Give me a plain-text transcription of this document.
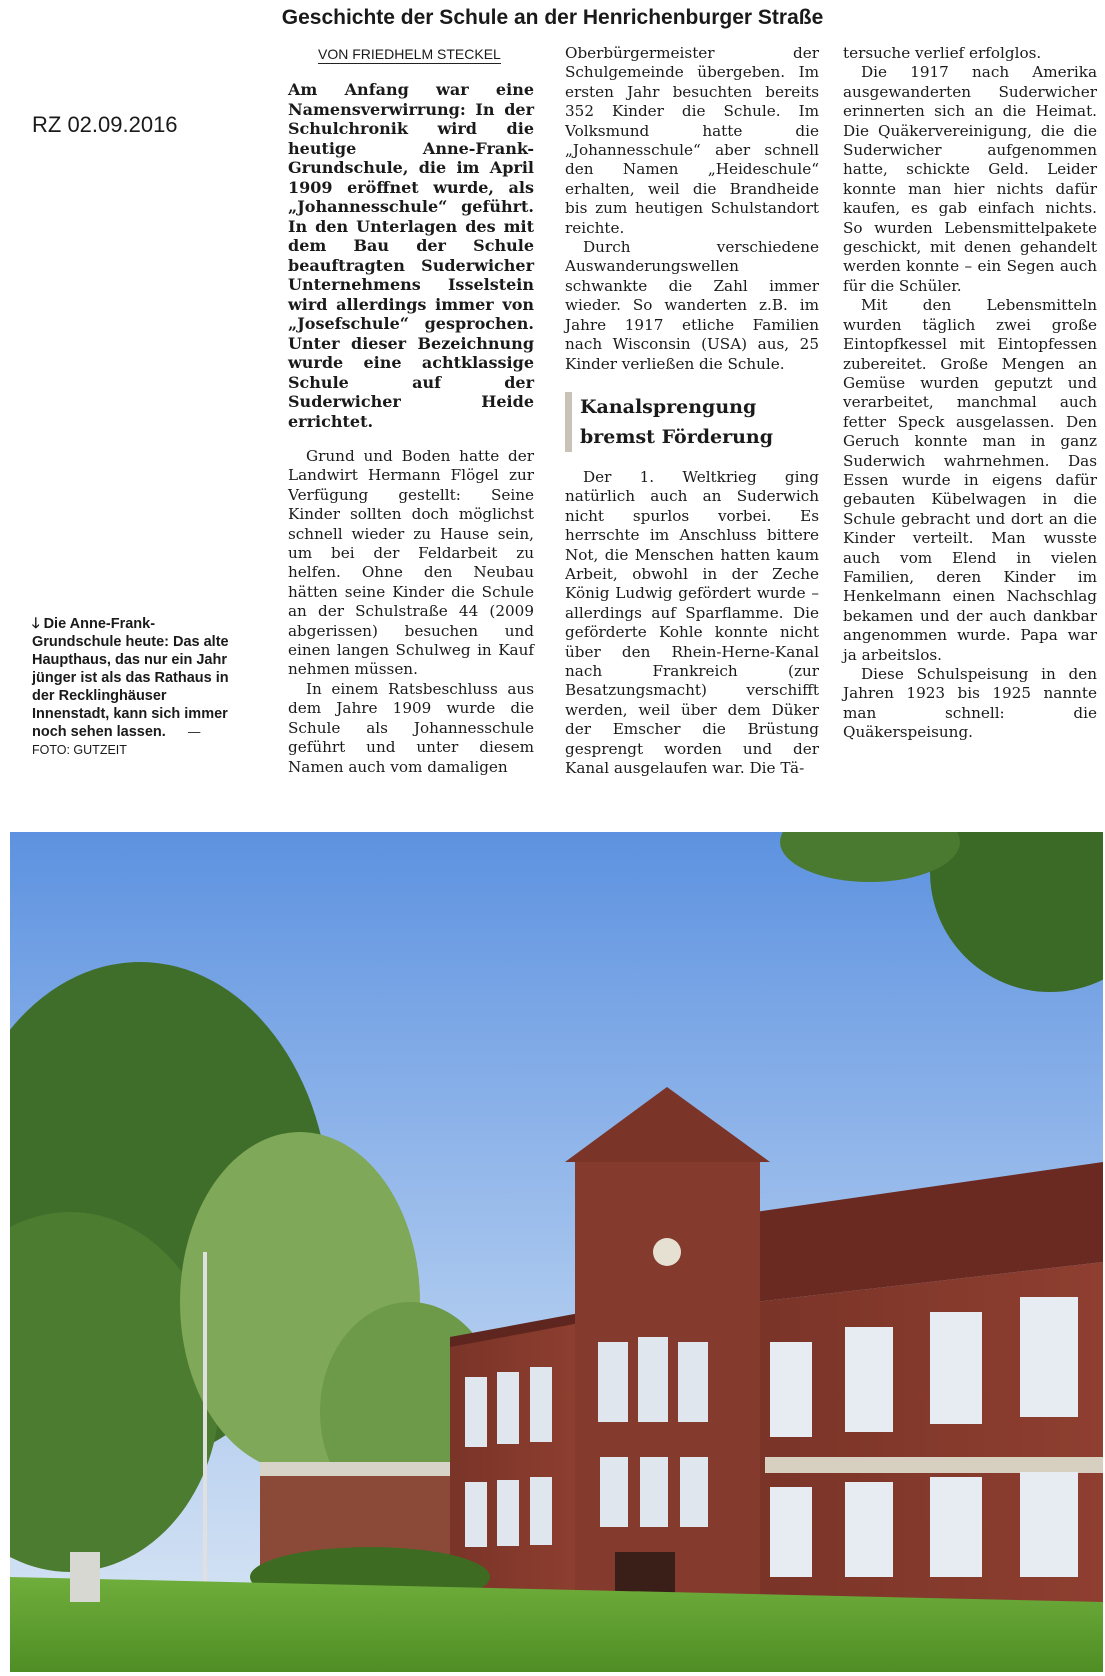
Geschichte der Schule an der Henrichenburger Straße
RZ 02.09.2016
VON FRIEDHELM STECKEL
🡓 Die Anne-Frank-Grundschule heute: Das alte Haupthaus, das nur ein Jahr jünger ist als das Rathaus in der Recklinghäuser Innenstadt, kann sich immer noch sehen lassen. —FOTO: GUTZEIT

Am Anfang war eine Namensverwirrung: In der Schulchronik wird die heutige Anne-Frank-Grundschule, die im April 1909 eröffnet wurde, als „Johannesschule“ geführt. In den Unterlagen des mit dem Bau der Schule beauftragten Suderwicher Unternehmens Isselstein wird allerdings immer von „Josefschule“ gesprochen. Unter dieser Bezeichnung wurde eine achtklassige Schule auf der Suderwicher Heide errichtet.

Grund und Boden hatte der Landwirt Hermann Flögel zur Verfügung gestellt: Seine Kinder sollten doch möglichst schnell wieder zu Hause sein, um bei der Feldarbeit zu helfen. Ohne den Neubau hätten seine Kinder die Schule an der Schulstraße 44 (2009 abgerissen) besuchen und einen langen Schulweg in Kauf nehmen müssen.

In einem Ratsbeschluss aus dem Jahre 1909 wurde die Schule als Johannesschule geführt und unter diesem Namen auch vom damaligen

Oberbürgermeister der Schulgemeinde übergeben. Im ersten Jahr besuchten bereits 352 Kinder die Schule. Im Volksmund hatte die „Johannesschule“ aber schnell den Namen „Heideschule“ erhalten, weil die Brandheide bis zum heutigen Schulstandort reichte.

Durch verschiedene Auswanderungswellen schwankte die Zahl immer wieder. So wanderten z.B. im Jahre 1917 etliche Familien nach Wisconsin (USA) aus, 25 Kinder verließen die Schule.

Kanalsprengung bremst Förderung

Der 1. Weltkrieg ging natürlich auch an Suderwich nicht spurlos vorbei. Es herrschte im Anschluss bittere Not, die Menschen hatten kaum Arbeit, obwohl in der Zeche König Ludwig gefördert wurde – allerdings auf Sparflamme. Die geförderte Kohle konnte nicht über den Rhein-Herne-Kanal nach Frankreich (zur Besatzungsmacht) verschifft werden, weil über dem Düker der Emscher die Brüstung gesprengt worden und der Kanal ausgelaufen war. Die Tä-

tersuche verlief erfolglos.

Die 1917 nach Amerika ausgewanderten Suderwicher erinnerten sich an die Heimat. Die Quäkervereinigung, die die Suderwicher aufgenommen hatte, schickte Geld. Leider konnte man hier nichts dafür kaufen, es gab einfach nichts. So wurden Lebensmittelpakete geschickt, mit denen gehandelt werden konnte – ein Segen auch für die Schüler.

Mit den Lebensmitteln wurden täglich zwei große Eintopfkessel mit Eintopfessen zubereitet. Große Mengen an Gemüse wurden geputzt und verarbeitet, manchmal auch fetter Speck ausgelassen. Den Geruch konnte man in ganz Suderwich wahrnehmen. Das Essen wurde in eigens dafür gebauten Kübelwagen in die Schule gebracht und dort an die Kinder verteilt. Man wusste auch vom Elend in vielen Familien, deren Kinder im Henkelmann einen Nachschlag bekamen und der auch dankbar angenommen wurde. Papa war ja arbeitslos.

Diese Schulspeisung in den Jahren 1923 bis 1925 nannte man schnell: die Quäkerspeisung.
